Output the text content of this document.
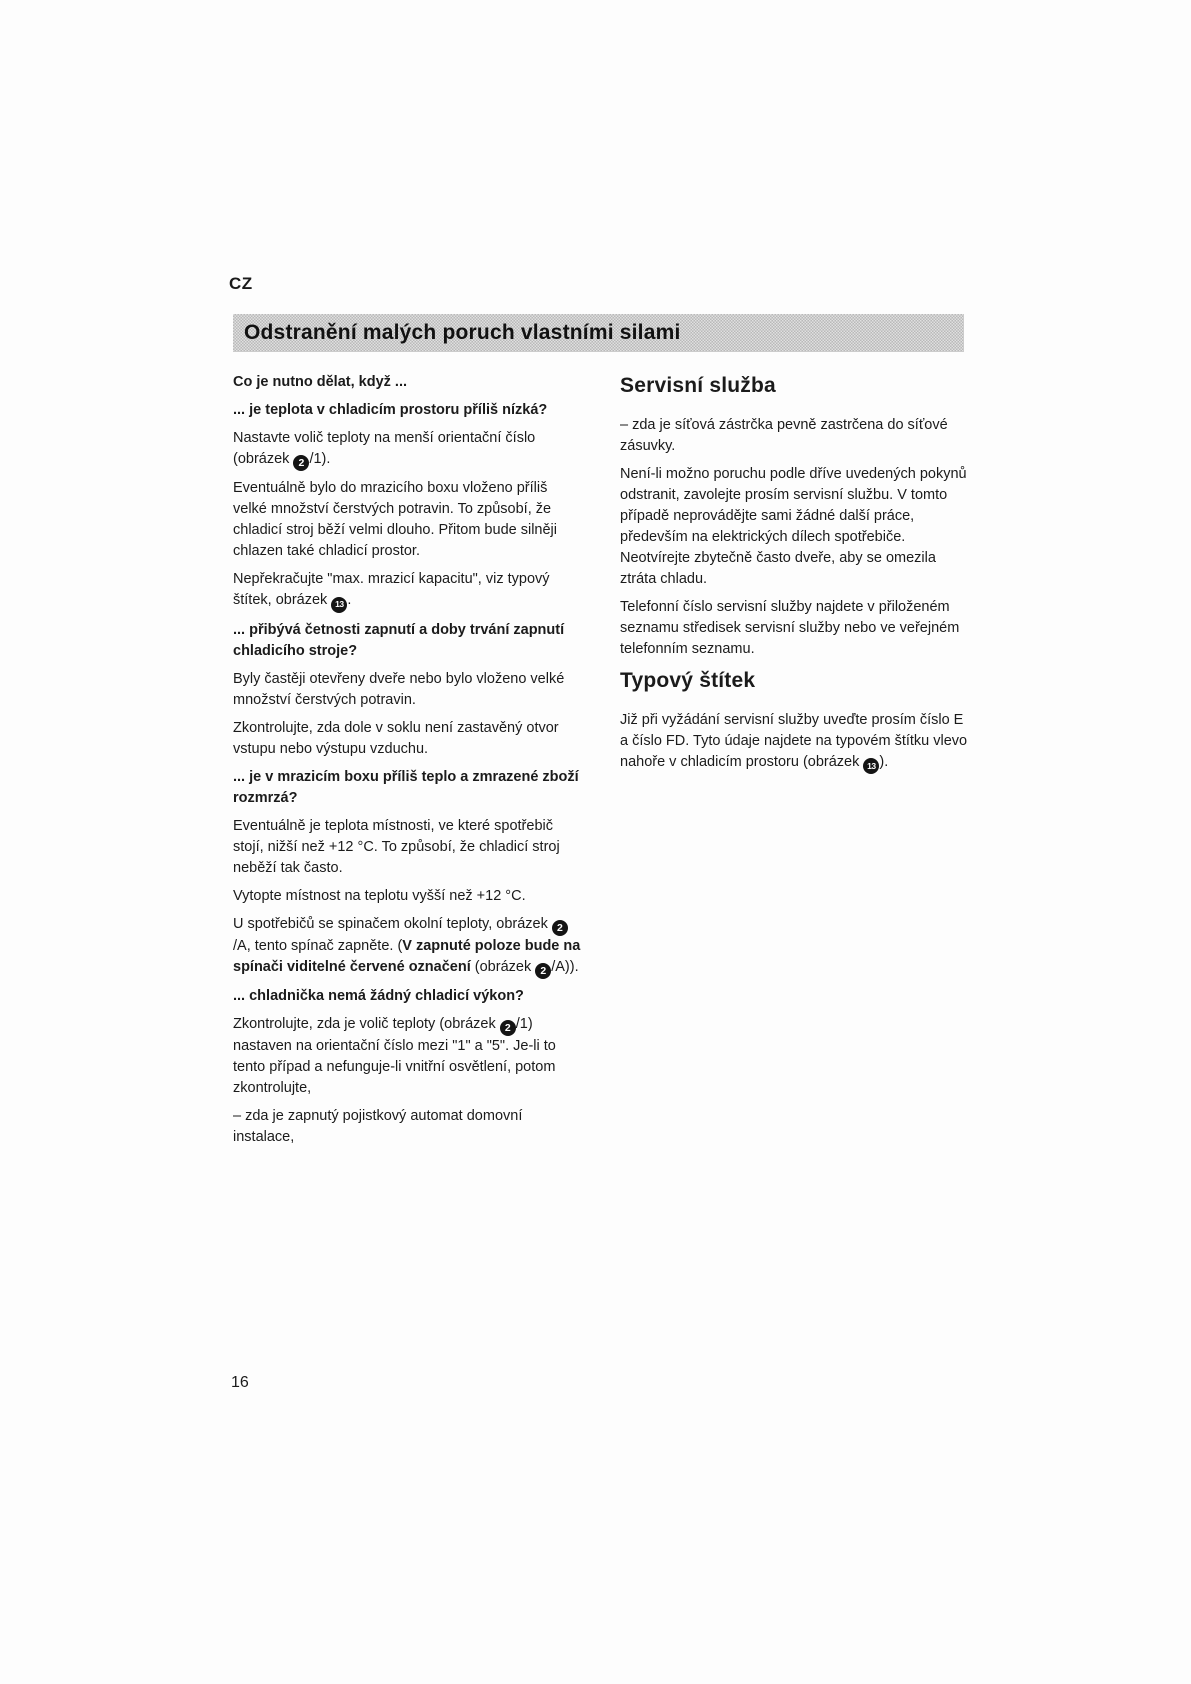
CZ
Odstranění malých poruch vlastními silami

Co je nutno dělat, když ...

... je teplota v chladicím prostoru příliš nízká?

Nastavte volič teploty na menší orientační číslo (obrázek 2 /1).

Eventuálně bylo do mrazicího boxu vloženo příliš velké množství čerstvých potravin. To způsobí, že chladicí stroj běží velmi dlouho. Přitom bude silněji chlazen také chladicí prostor.

Nepřekračujte "max. mrazicí kapacitu", viz typový štítek, obrázek 13 .

... přibývá četnosti zapnutí a doby trvání zapnutí chladicího stroje?

Byly častěji otevřeny dveře nebo bylo vloženo velké množství čerstvých potravin.

Zkontrolujte, zda dole v soklu není zastavěný otvor vstupu nebo výstupu vzduchu.

... je v mrazicím boxu příliš teplo a zmrazené zboží rozmrzá?

Eventuálně je teplota místnosti, ve které spotřebič stojí, nižší než +12 °C. To způsobí, že chladicí stroj neběží tak často.

Vytopte místnost na teplotu vyšší než +12 °C.

U spotřebičů se spinačem okolní teploty, obrázek 2/A, tento spínač zapněte. (V zapnuté poloze bude na spínači viditelné červené označení (obrázek 2 /A)).

... chladnička nemá žádný chladicí výkon?

Zkontrolujte, zda je volič teploty (obrázek 2 /1) nastaven na orientační číslo mezi "1" a "5". Je-li to tento případ a nefunguje-li vnitřní osvětlení, potom zkontrolujte,

– zda je zapnutý pojistkový automat domovní instalace,

Servisní služba

– zda je síťová zástrčka pevně zastrčena do síťové zásuvky.

Není-li možno poruchu podle dříve uvedených pokynů odstranit, zavolejte prosím servisní službu. V tomto případě neprovádějte sami žádné další práce, především na elektrických dílech spotřebiče. Neotvírejte zbytečně často dveře, aby se omezila ztráta chladu.

Telefonní číslo servisní služby najdete v přiloženém seznamu středisek servisní služby nebo ve veřejném telefonním seznamu.

Typový štítek

Již při vyžádání servisní služby uveďte prosím číslo E a číslo FD. Tyto údaje najdete na typovém štítku vlevo nahoře v chladicím prostoru (obrázek 13 ).

16
